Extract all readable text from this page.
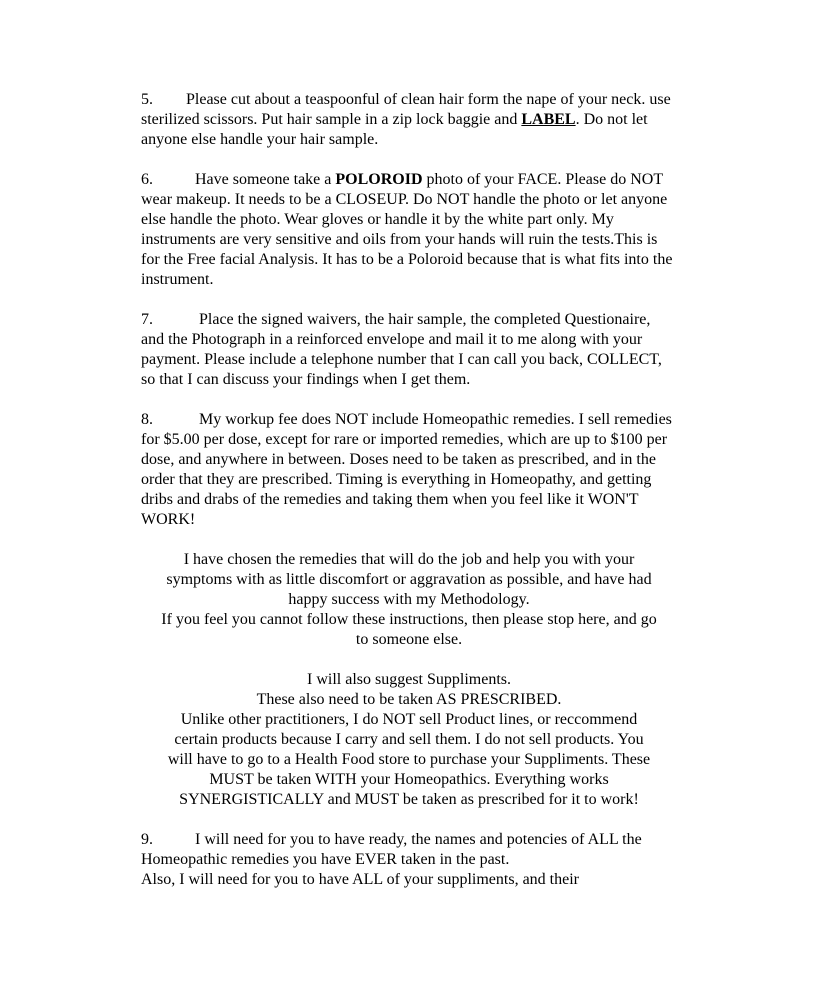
5. Please cut about a teaspoonful of clean hair form the nape of your neck. use sterilized scissors. Put hair sample in a zip lock baggie and LABEL. Do not let anyone else handle your hair sample.

6.	Have someone take a POLOROID photo of your FACE. Please do NOT wear makeup. It needs to be a CLOSEUP. Do NOT handle the photo or let anyone else handle the photo. Wear gloves or handle it by the white part only. My instruments are very sensitive and oils from your hands will ruin the tests.This is for the Free facial Analysis. It has to be a Poloroid because that is what fits into the instrument.

7.	Place the signed waivers, the hair sample, the completed Questionaire, and the Photograph in a reinforced envelope and mail it to me along with your payment. Please include a telephone number that I can call you back, COLLECT, so that I can discuss your findings when I get them.

8.	My workup fee does NOT include Homeopathic remedies. I sell remedies for $5.00 per dose, except for rare or imported remedies, which are up to $100 per dose, and anywhere in between. Doses need to be taken as prescribed, and in the order that they are prescribed. Timing is everything in Homeopathy, and getting dribs and drabs of the remedies and taking them when you feel like it WON'T WORK!

I have chosen the remedies that will do the job and help you with your
symptoms with as little discomfort or aggravation as possible, and have had
happy success with my Methodology.
If you feel you cannot follow these instructions, then please stop here, and go
to someone else.

I will also suggest Suppliments.
These also need to be taken AS PRESCRIBED.
Unlike other practitioners, I do NOT sell Product lines, or reccommend
certain products because I carry and sell them. I do not sell products. You
will have to go to a Health Food store to purchase your Suppliments. These
MUST be taken WITH your Homeopathics. Everything works
SYNERGISTICALLY and MUST be taken as prescribed for it to work!

9.	I will need for you to have ready, the names and potencies of ALL the Homeopathic remedies you have EVER taken in the past.
Also, I will need for you to have ALL of your suppliments, and their
